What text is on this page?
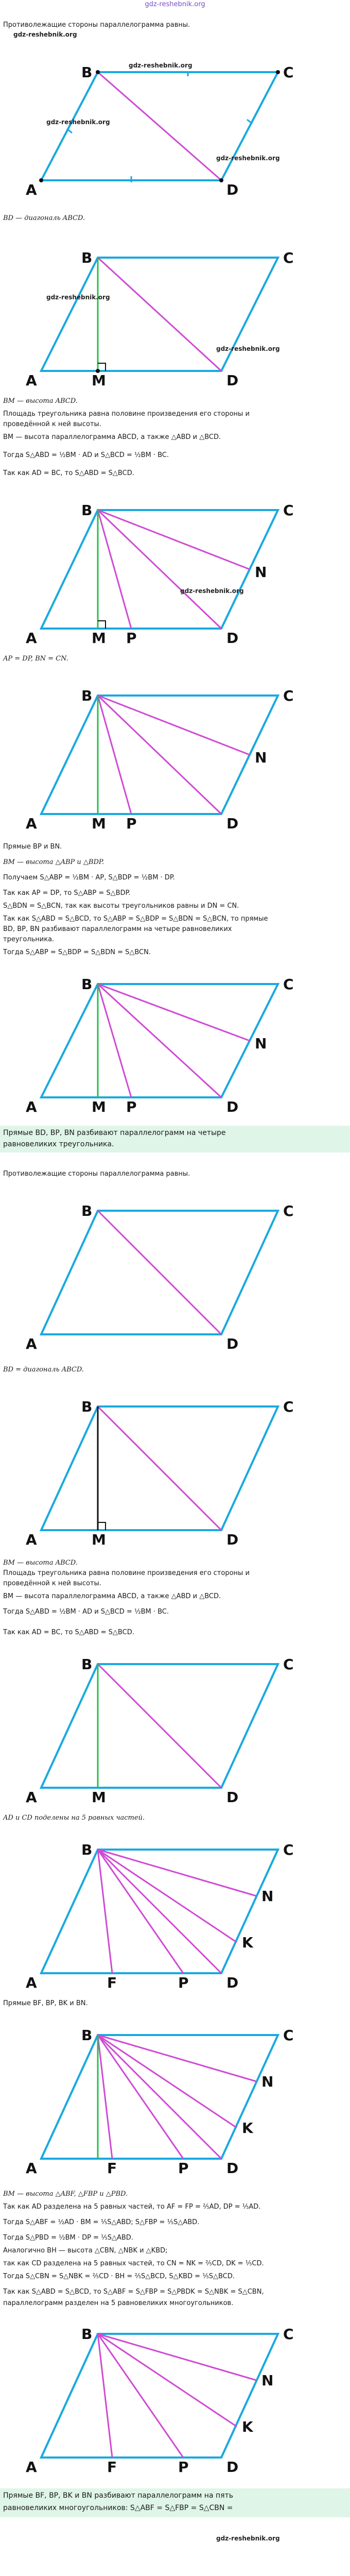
gdz-reshebnik.org
Противолежащие стороны параллелограмма равны.
gdz-reshebnik.org
A
B	C
D
gdz-reshebnik.org
gdz-reshebnik.org
gdz-reshebnik.org
BD — диагональ ABCD.
A
B	C
D
M
gdz-reshebnik.org
gdz-reshebnik.org
BM — высота ABCD.
Площадь треугольника равна половине произведения его стороны и
проведённой к ней высоты.
BM — высота параллелограмма ABCD, а также △ABD и △BCD.
Тогда S△ABD = ½BM · AD и S△BCD = ½BM · BC.
Так как AD = BC, то S△ABD = S△BCD.
A
B	C
D
M P
N
gdz-reshebnik.org
AP = DP, BN = CN.
A
B	C
D
M P
N
Прямые BP и BN.
BM — высота △ABP и △BDP.
Получаем S△ABP = ½BM · AP, S△BDP = ½BM · DP.
Так как AP = DP, то S△ABP = S△BDP.
S△BDN = S△BCN, так как высоты треугольников равны и DN = CN.
Так как S△ABD = S△BCD, то S△ABP = S△BDP = S△BDN = S△BCN, то прямые
BD, BP, BN разбивают параллелограмм на четыре равновеликих
треугольника.
Тогда S△ABP = S△BDP = S△BDN = S△BCN.
A
B	C
D
M P
N
Прямые BD, BP, BN разбивают параллелограмм на четыре
равновеликих треугольника.
Противолежащие стороны параллелограмма равны.
A
B	C
D
BD = диагональ ABCD.
A
B	C
D
M
BM — высота ABCD.
Площадь треугольника равна половине произведения его стороны и
проведённой к ней высоты.
BM — высота параллелограмма ABCD, а также △ABD и △BCD.
Тогда S△ABD = ½BM · AD и S△BCD = ½BM · BC.
Так как AD = BC, то S△ABD = S△BCD.
A
B	C
D
M
AD и CD поделены на 5 равных частей.
A
B	C
D
F	P
N
K
Прямые BF, BP, BK и BN.
A
B	C
D
F	P
N
K
BM — высота △ABF, △FBP и △PBD.
Так как AD разделена на 5 равных частей, то AF = FP = ⅖AD, DP = ⅕AD.
Тогда S△ABF = ½AD · BM = ⅕S△ABD; S△FBP = ⅕S△ABD.
Тогда S△PBD = ½BM · DP = ⅕S△ABD.
Аналогично BH — высота △CBN, △NBK и △KBD;
так как CD разделена на 5 равных частей, то CN = NK = ⅖CD, DK = ⅕CD.
Тогда S△CBN = S△NBK = ⅖CD · BH = ⅖S△BCD, S△KBD = ⅕S△BCD.
Так как S△ABD = S△BCD, то S△ABF = S△FBP = S△PBDK = S△NBK = S△CBN,
параллелограмм разделен на 5 равновеликих многоугольников.
A
B	C
D
F	P
N
K
Прямые BF, BP, BK и BN разбивают параллелограмм на пять
равновеликих многоугольников: S△ABF = S△FBP = S△CBN =
gdz-reshebnik.org
